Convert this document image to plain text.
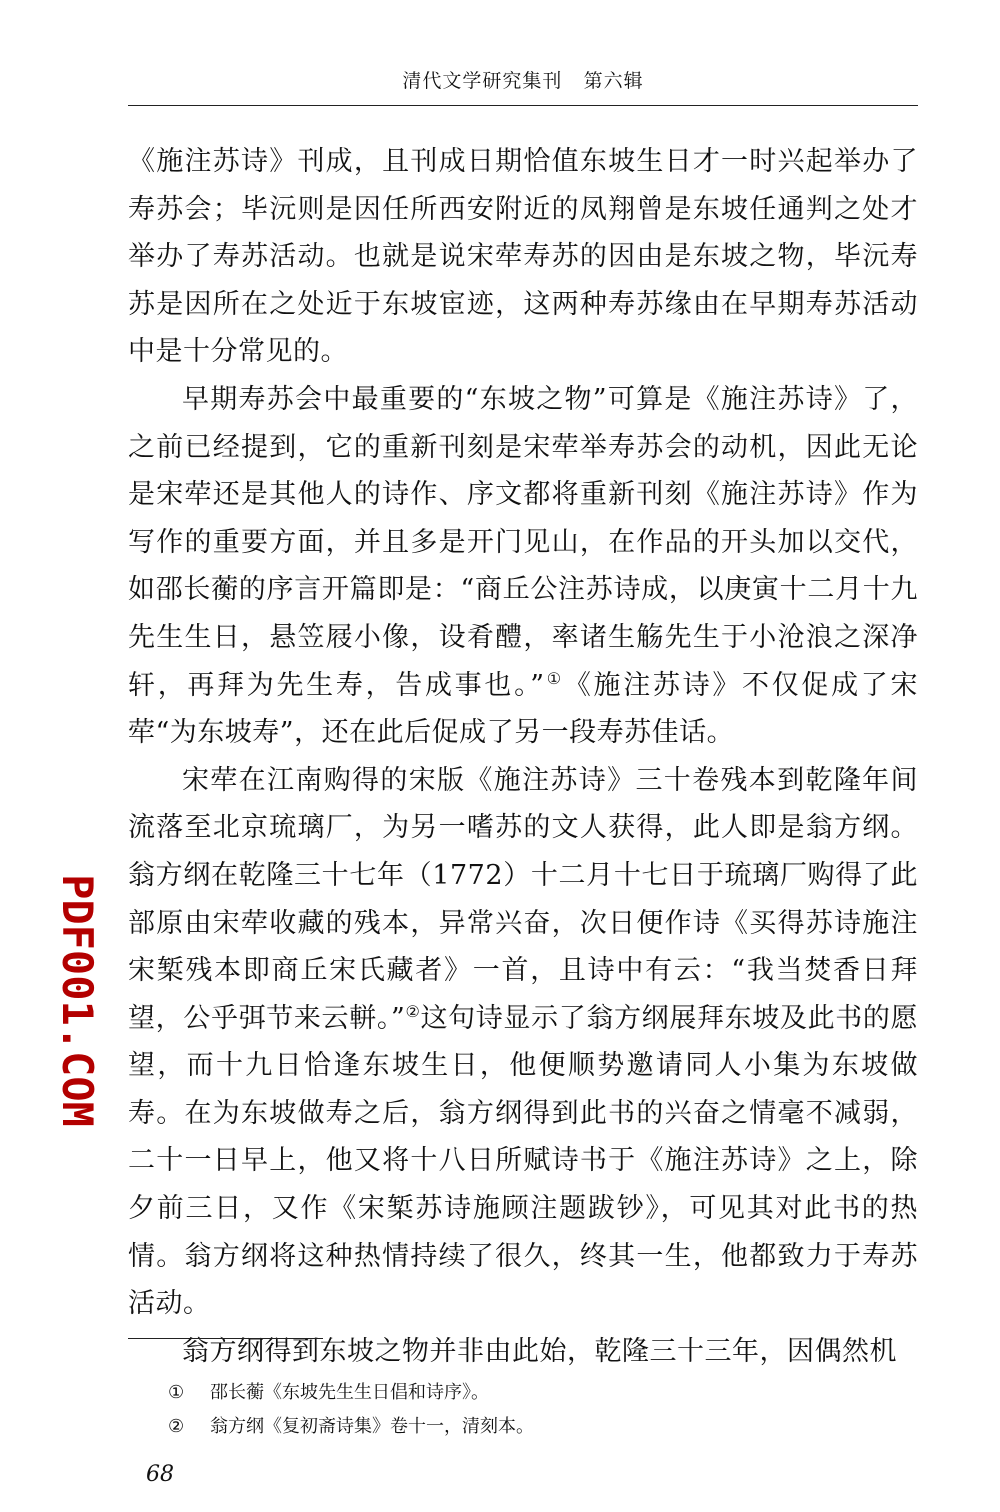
清代文学研究集刊 第六辑

《施注苏诗》刊成，且刊成日期恰值东坡生日才一时兴起举办了寿苏会；毕沅则是因任所西安附近的凤翔曾是东坡任通判之处才举办了寿苏活动。也就是说宋荦寿苏的因由是东坡之物，毕沅寿苏是因所在之处近于东坡宦迹，这两种寿苏缘由在早期寿苏活动中是十分常见的。

早期寿苏会中最重要的“东坡之物”可算是《施注苏诗》了，之前已经提到，它的重新刊刻是宋荦举寿苏会的动机，因此无论是宋荦还是其他人的诗作、序文都将重新刊刻《施注苏诗》作为写作的重要方面，并且多是开门见山，在作品的开头加以交代，如邵长蘅的序言开篇即是：“商丘公注苏诗成，以庚寅十二月十九先生生日，悬笠屐小像，设肴醴，率诸生觞先生于小沧浪之深净轩，再拜为先生寿，告成事也。”①《施注苏诗》不仅促成了宋荦“为东坡寿”，还在此后促成了另一段寿苏佳话。

宋荦在江南购得的宋版《施注苏诗》三十卷残本到乾隆年间流落至北京琉璃厂，为另一嗜苏的文人获得，此人即是翁方纲。翁方纲在乾隆三十七年（1772）十二月十七日于琉璃厂购得了此部原由宋荦收藏的残本，异常兴奋，次日便作诗《买得苏诗施注宋椠残本即商丘宋氏藏者》一首，且诗中有云：“我当焚香日拜望，公乎弭节来云軿。”②这句诗显示了翁方纲展拜东坡及此书的愿望，而十九日恰逢东坡生日，他便顺势邀请同人小集为东坡做寿。在为东坡做寿之后，翁方纲得到此书的兴奋之情毫不减弱，二十一日早上，他又将十八日所赋诗书于《施注苏诗》之上，除夕前三日，又作《宋椠苏诗施顾注题跋钞》，可见其对此书的热情。翁方纲将这种热情持续了很久，终其一生，他都致力于寿苏活动。

翁方纲得到东坡之物并非由此始，乾隆三十三年，因偶然机

PDF001.COM
①	邵长蘅《东坡先生生日倡和诗序》。
②	翁方纲《复初斋诗集》卷十一，清刻本。
68
